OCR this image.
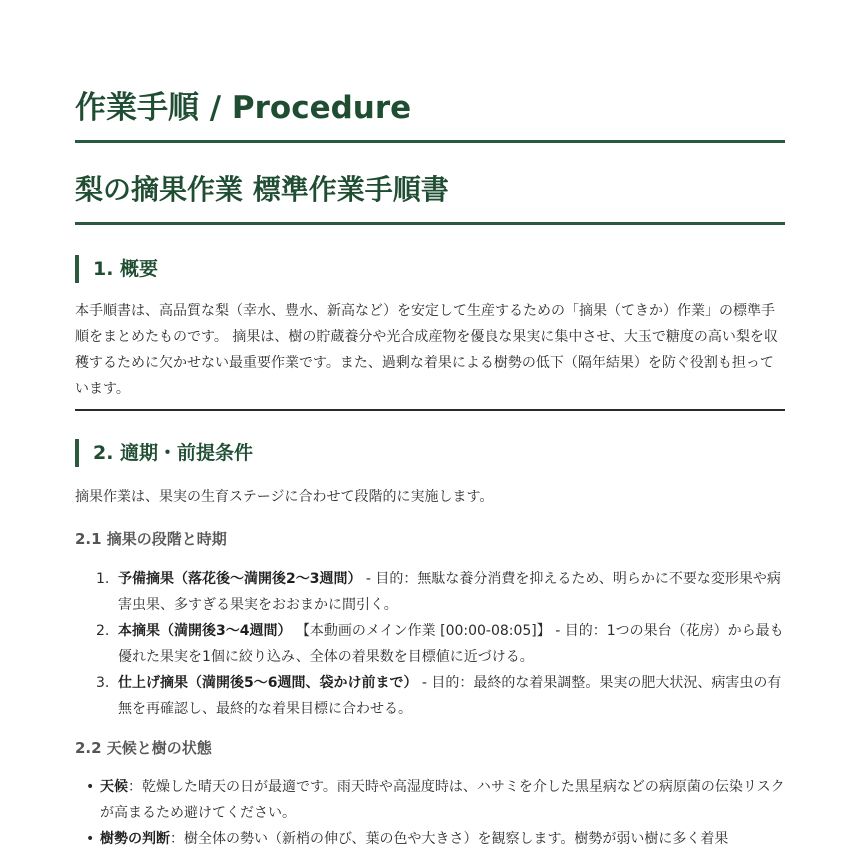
作業手順 / Procedure
梨の摘果作業 標準作業手順書
1. 概要
本手順書は、高品質な梨（幸水、豊水、新高など）を安定して生産するための「摘果（てきか）作業」の標準手順をまとめたものです。 摘果は、樹の貯蔵養分や光合成産物を優良な果実に集中させ、大玉で糖度の高い梨を収穫するために欠かせない最重要作業です。また、過剰な着果による樹勢の低下（隔年結果）を防ぐ役割も担っています。
2. 適期・前提条件
摘果作業は、果実の生育ステージに合わせて段階的に実施します。
2.1 摘果の段階と時期
1. 予備摘果（落花後～満開後2～3週間） - 目的：無駄な養分消費を抑えるため、明らかに不要な変形果や病害虫果、多すぎる果実をおおまかに間引く。
2. 本摘果（満開後3～4週間） 【本動画のメイン作業 [00:00-08:05]】 - 目的：1つの果台（花房）から最も優れた果実を1個に絞り込み、全体の着果数を目標値に近づける。
3. 仕上げ摘果（満開後5～6週間、袋かけ前まで） - 目的：最終的な着果調整。果実の肥大状況、病害虫の有無を再確認し、最終的な着果目標に合わせる。
2.2 天候と樹の状態
• 天候：乾燥した晴天の日が最適です。雨天時や高湿度時は、ハサミを介した黒星病などの病原菌の伝染リスクが高まるため避けてください。
• 樹勢の判断：樹全体の勢い（新梢の伸び、葉の色や大きさ）を観察します。樹勢が弱い樹に多く着果
